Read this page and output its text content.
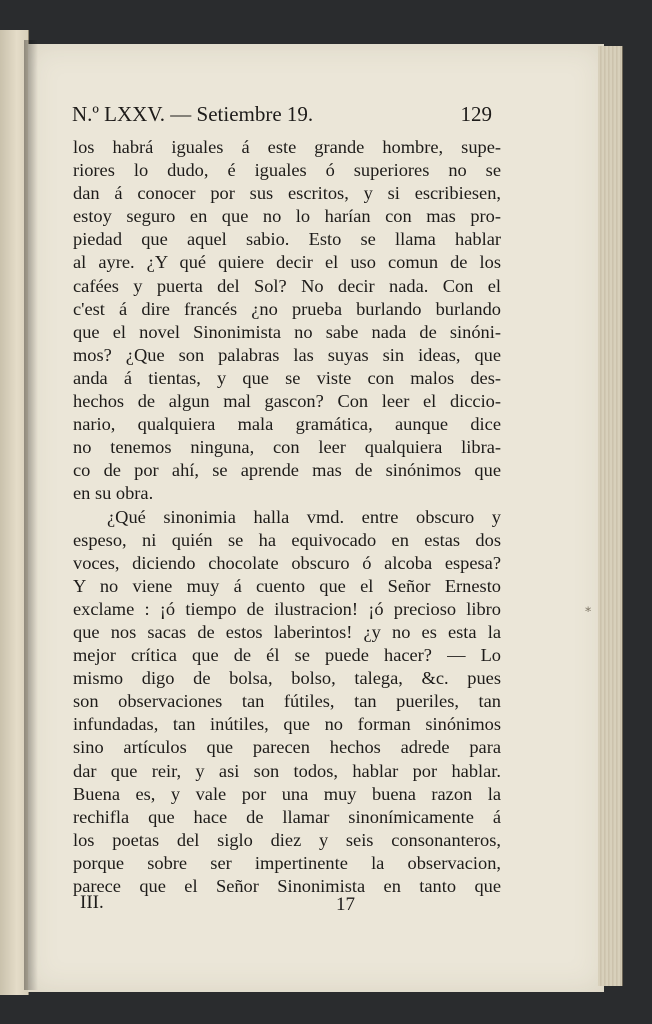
N.º LXXV. — Setiembre 19.	129
los habrá iguales á este grande hombre, supe-
riores lo dudo, é iguales ó superiores no se
dan á conocer por sus escritos, y si escribiesen,
estoy seguro en que no lo harían con mas pro-
piedad que aquel sabio. Esto se llama hablar
al ayre. ¿Y qué quiere decir el uso comun de los
cafées y puerta del Sol? No decir nada. Con el
c'est á dire francés ¿no prueba burlando burlando
que el novel Sinonimista no sabe nada de sinóni-
mos? ¿Que son palabras las suyas sin ideas, que
anda á tientas, y que se viste con malos des-
hechos de algun mal gascon? Con leer el diccio-
nario, qualquiera mala gramática, aunque dice
no tenemos ninguna, con leer qualquiera libra-
co de por ahí, se aprende mas de sinónimos que
en su obra.
¿Qué sinonimia halla vmd. entre obscuro y
espeso, ni quién se ha equivocado en estas dos
voces, diciendo chocolate obscuro ó alcoba espesa?
Y no viene muy á cuento que el Señor Ernesto
exclame : ¡ó tiempo de ilustracion! ¡ó precioso libro
que nos sacas de estos laberintos! ¿y no es esta la
mejor crítica que de él se puede hacer? — Lo
mismo digo de bolsa, bolso, talega, &c. pues
son observaciones tan fútiles, tan pueriles, tan
infundadas, tan inútiles, que no forman sinónimos
sino artículos que parecen hechos adrede para
dar que reir, y asi son todos, hablar por hablar.
Buena es, y vale por una muy buena razon la
rechifla que hace de llamar sinonímicamente á
los poetas del siglo diez y seis consonanteros,
porque sobre ser impertinente la observacion,
parece que el Señor Sinonimista en tanto que
III.	17
∗
